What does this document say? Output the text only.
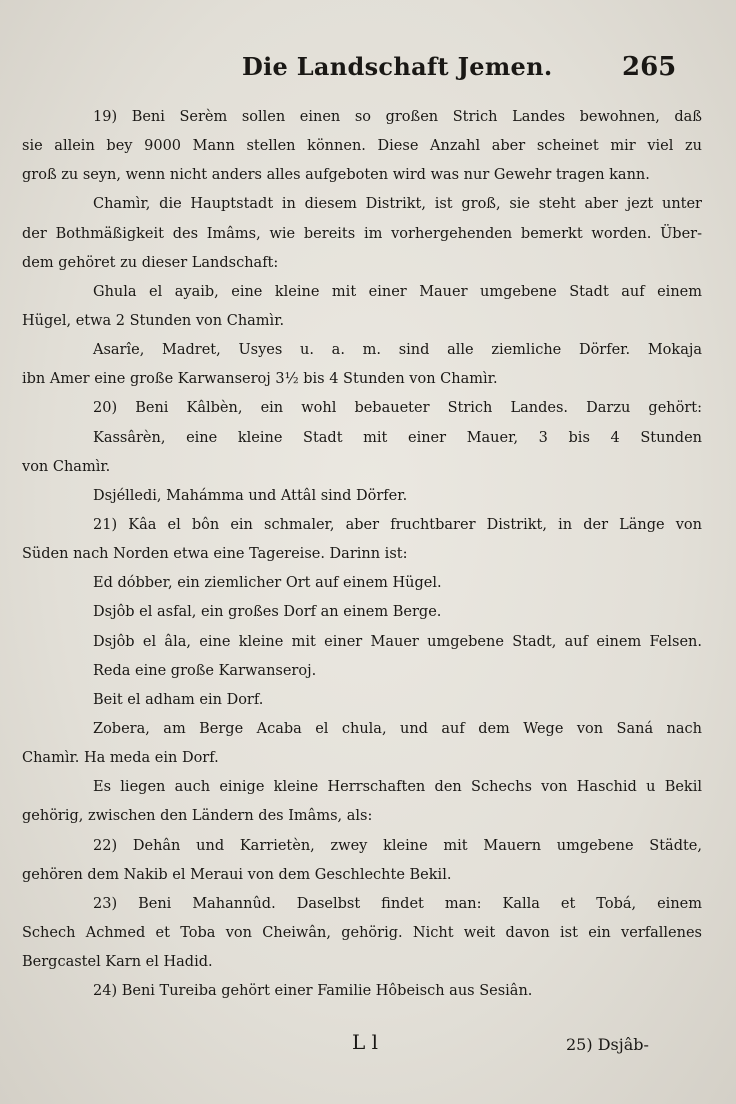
Die Landschaft Jemen.	265
19) Beni Serèm sollen einen so großen Strich Landes bewohnen, daß
sie allein bey 9000 Mann stellen können. Diese Anzahl aber scheinet mir viel zu
groß zu seyn, wenn nicht anders alles aufgeboten wird was nur Gewehr tragen kann.
Chamìr, die Hauptstadt in diesem Distrikt, ist groß, sie steht aber jezt unter
der Bothmäßigkeit des Imâms, wie bereits im vorhergehenden bemerkt worden. Über-
dem gehöret zu dieser Landschaft:
Ghula el ayaib, eine kleine mit einer Mauer umgebene Stadt auf einem
Hügel, etwa 2 Stunden von Chamìr.
Asarîe, Madret, Usyes u. a. m. sind alle ziemliche Dörfer. Mokaja
ibn Amer eine große Karwanseroj 3½ bis 4 Stunden von Chamìr.
20) Beni Kâlbèn, ein wohl bebaueter Strich Landes. Darzu gehört:
Kassârèn, eine kleine Stadt mit einer Mauer, 3 bis 4 Stunden
von Chamìr.
Dsjélledi, Mahámma und Attâl sind Dörfer.
21) Kâa el bôn ein schmaler, aber fruchtbarer Distrikt, in der Länge von
Süden nach Norden etwa eine Tagereise. Darinn ist:
Ed dóbber, ein ziemlicher Ort auf einem Hügel.
Dsjôb el asfal, ein großes Dorf an einem Berge.
Dsjôb el âla, eine kleine mit einer Mauer umgebene Stadt, auf einem Felsen.
Reda eine große Karwanseroj.
Beit el adham ein Dorf.
Zobera, am Berge Acaba el chula, und auf dem Wege von Saná nach
Chamìr. Ha meda ein Dorf.
Es liegen auch einige kleine Herrschaften den Schechs von Haschid u Bekil
gehörig, zwischen den Ländern des Imâms, als:
22) Dehân und Karrietèn, zwey kleine mit Mauern umgebene Städte,
gehören dem Nakib el Meraui von dem Geschlechte Bekil.
23) Beni Mahannûd. Daselbst findet man: Kalla et Tobá, einem
Schech Achmed et Toba von Cheiwân, gehörig. Nicht weit davon ist ein verfallenes
Bergcastel Karn el Hadid.
24) Beni Tureiba gehört einer Familie Hôbeisch aus Sesiân.
L l	25) Dsjâb-
